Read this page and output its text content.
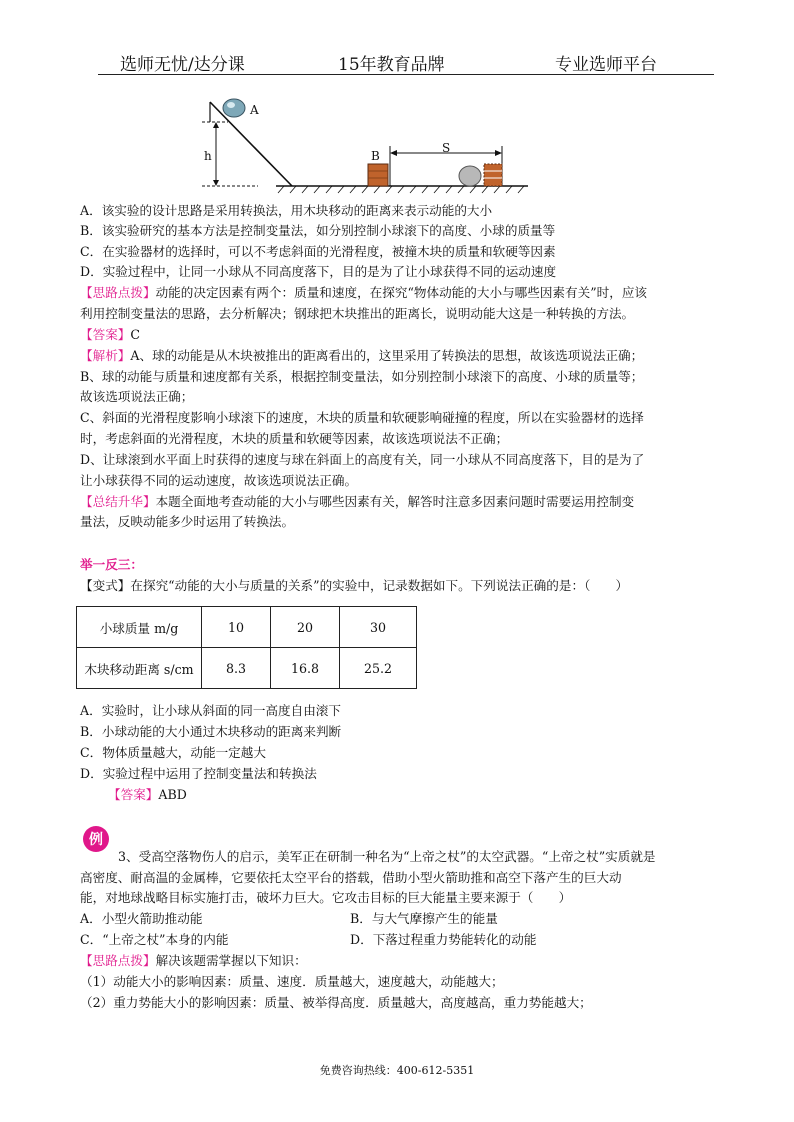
选师无忧/达分课	15年教育品牌	专业选师平台
h
A
B
S
A．该实验的设计思路是采用转换法，用木块移动的距离来表示动能的大小
B．该实验研究的基本方法是控制变量法，如分别控制小球滚下的高度、小球的质量等
C．在实验器材的选择时，可以不考虑斜面的光滑程度，被撞木块的质量和软硬等因素
D．实验过程中，让同一小球从不同高度落下，目的是为了让小球获得不同的运动速度
【思路点拨】动能的决定因素有两个：质量和速度，在探究“物体动能的大小与哪些因素有关”时，应该
利用控制变量法的思路，去分析解决；钢球把木块推出的距离长，说明动能大这是一种转换的方法。
【答案】C
【解析】A、球的动能是从木块被推出的距离看出的，这里采用了转换法的思想，故该选项说法正确；
B、球的动能与质量和速度都有关系，根据控制变量法，如分别控制小球滚下的高度、小球的质量等；
故该选项说法正确；
C、斜面的光滑程度影响小球滚下的速度，木块的质量和软硬影响碰撞的程度，所以在实验器材的选择
时，考虑斜面的光滑程度，木块的质量和软硬等因素，故该选项说法不正确；
D、让球滚到水平面上时获得的速度与球在斜面上的高度有关，同一小球从不同高度落下，目的是为了
让小球获得不同的运动速度，故该选项说法正确。
【总结升华】本题全面地考查动能的大小与哪些因素有关，解答时注意多因素问题时需要运用控制变
量法，反映动能多少时运用了转换法。
举一反三：
【变式】在探究“动能的大小与质量的关系”的实验中，记录数据如下。下列说法正确的是：（　　）
小球质量 m/g	10	20	30
木块移动距离 s/cm	8.3	16.8	25.2
A．实验时，让小球从斜面的同一高度自由滚下
B．小球动能的大小通过木块移动的距离来判断
C．物体质量越大，动能一定越大
D．实验过程中运用了控制变量法和转换法
【答案】ABD
例
3、受高空落物伤人的启示，美军正在研制一种名为“上帝之杖”的太空武器。“上帝之杖”实质就是
高密度、耐高温的金属棒，它要依托太空平台的搭载，借助小型火箭助推和高空下落产生的巨大动
能，对地球战略目标实施打击，破坏力巨大。它攻击目标的巨大能量主要来源于（　　）
A．小型火箭助推动能	B．与大气摩擦产生的能量
C．“上帝之杖”本身的内能	D．下落过程重力势能转化的动能
【思路点拨】解决该题需掌握以下知识：
（1）动能大小的影响因素：质量、速度．质量越大，速度越大，动能越大；
（2）重力势能大小的影响因素：质量、被举得高度．质量越大，高度越高，重力势能越大；
免费咨询热线：400-612-5351
